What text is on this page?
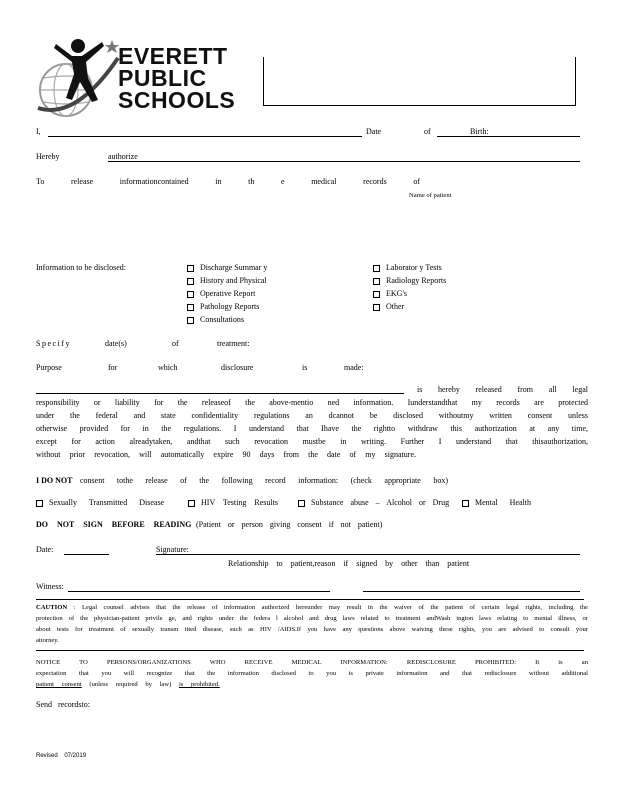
EVERETT
PUBLIC
SCHOOLS
I,	Date	of	Birth:
Hereby	authorize
To release informationcontained in th e medical records of
Name of patient
Information to be disclosed:	Discharge Summar y
History and Physical
Operative Report
Pathology Reports
Consultations
Laborator y Tests
Radiology Reports
EKG's
Other
Specify	date(s)	of	treatment:
Purpose	for	which	disclosure	is	made:
is hereby released from all legal
responsibility or liability for the releaseof the above-mentio ned information. Iunderstandthat my records are protected
under the federal and state confidentiality regulations an dcannot be disclosed withoutmy written consent unless
otherwise provided for in the regulations. I understand that Ihave the rightto withdraw this authorization at any time,
except for action alreadytaken, andthat such revocation mustbe in writing. Further I understand that thisauthorization,
without prior revocation, will automatically expire 90 days from the date of my signature.
I DO NOT consent tothe release of the following record information: (check appropriate box)
Sexually Transmitted Disease	HIV Testing Results	Substance abuse – Alcohol or Drug	Mental Health
DO NOT SIGN BEFORE READING (Patient or person giving consent if not patient)
Date:	Signature:
Relationship to patient,reason if signed by other than patient
Witness:
CAUTION : Legal counsel advises that the release of information authorized hereunder may result in the waiver of the patient of certain legal rights, including the
protection of the physician-patient privile ge, and rights under the federa l alcohol and drug laws related to treatment andWash ington laws relating to mental illness, or
about tests for treatment of sexually transm itted disease, such as HIV /AIDS.If you have any questions above waiving these rights, you are advised to consult your
attorney.
NOTICE TO PERSONS/ORGANIZATIONS WHO RECEIVE MEDICAL INFORMATION: REDISCLOSURE PROHIBITED: It is an
expectation that you will recognize that the information disclosed to you is private information and that redisclosure without additional
patient consent (unless required by law) is prohibited.
Send recordsto:
Revised 07/2019
